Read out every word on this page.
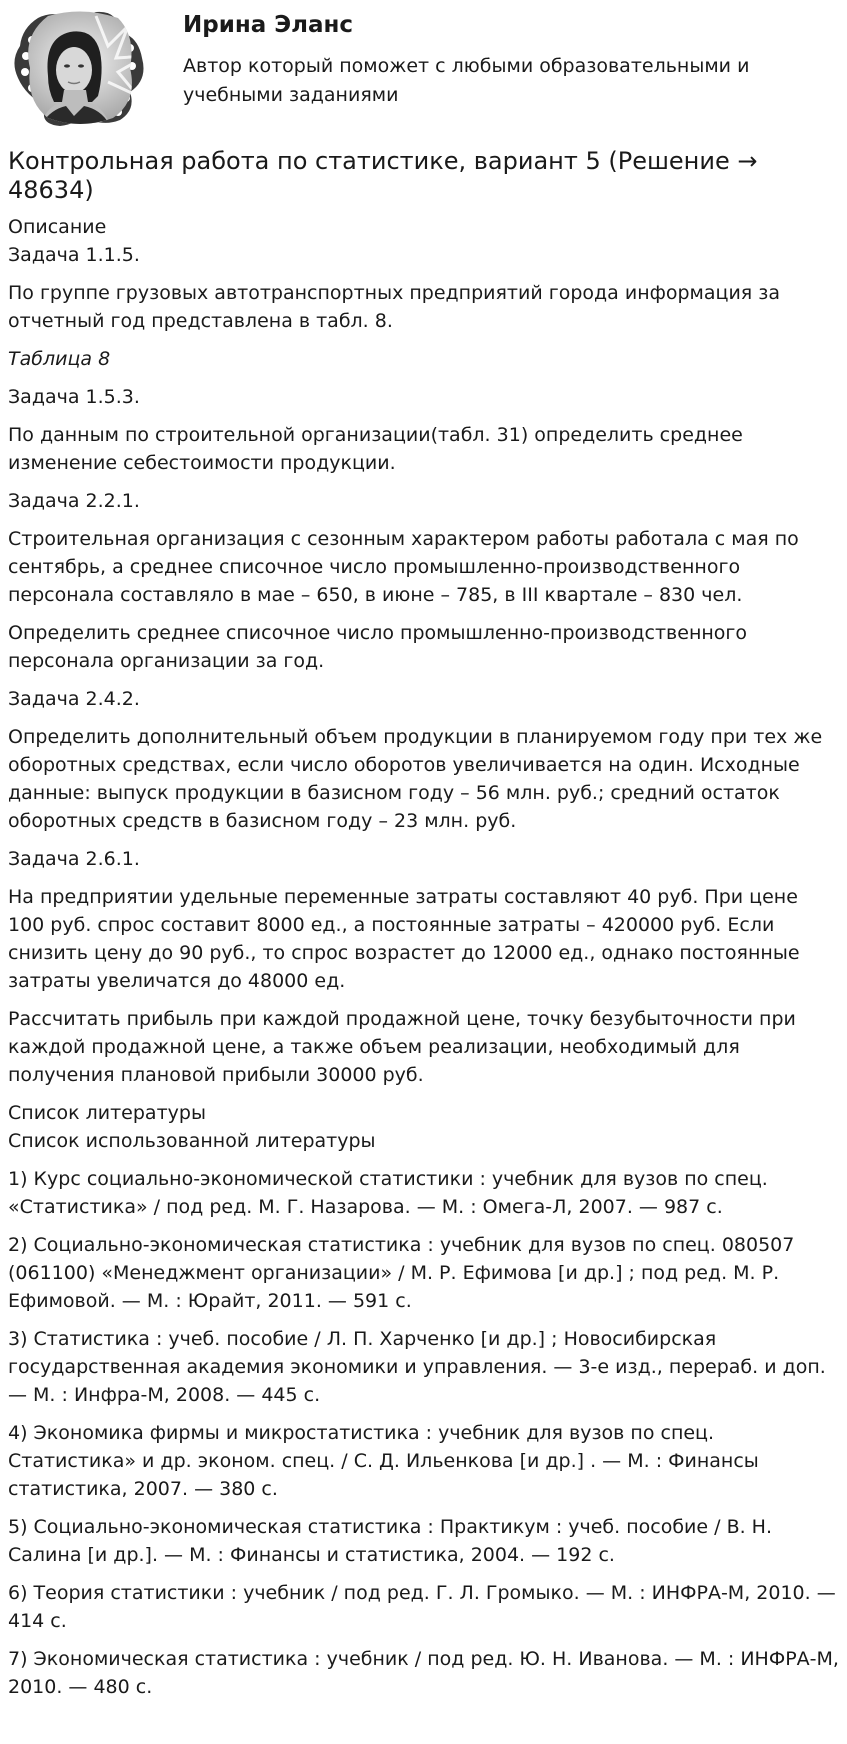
Ирина Эланс

Автор который поможет с любыми образовательными и учебными заданиями

Контрольная работа по статистике, вариант 5 (Решение → 48634)
Описание
Задача 1.1.5.

По группе грузовых автотранспортных предприятий города информация за отчетный год представлена в табл. 8.

Таблица 8

Задача 1.5.3.

По данным по строительной организации(табл. 31) определить среднее изменение себестоимости продукции.

Задача 2.2.1.

Строительная организация с сезонным характером работы работала с мая по сентябрь, а среднее списочное число промышленно-производственного персонала составляло в мае – 650, в июне – 785, в III квартале – 830 чел.

Определить среднее списочное число промышленно-производственного персонала организации за год.

Задача 2.4.2.

Определить дополнительный объем продукции в планируемом году при тех же оборотных средствах, если число оборотов увеличивается на один. Исходные данные: выпуск продукции в базисном году – 56 млн. руб.; средний остаток оборотных средств в базисном году – 23 млн. руб.

Задача 2.6.1.

На предприятии удельные переменные затраты составляют 40 руб. При цене 100 руб. спрос составит 8000 ед., а постоянные затраты – 420000 руб. Если снизить цену до 90 руб., то спрос возрастет до 12000 ед., однако постоянные затраты увеличатся до 48000 ед.

Рассчитать прибыль при каждой продажной цене, точку безубыточности при каждой продажной цене, а также объем реализации, необходимый для получения плановой прибыли 30000 руб.

Список литературы
Список использованной литературы

1) Курс социально-экономической статистики : учебник для вузов по спец. «Статистика» / под ред. М. Г. Назарова. — М. : Омега-Л, 2007. — 987 с.

2) Социально-экономическая статистика : учебник для вузов по спец. 080507 (061100) «Менеджмент организации» / М. Р. Ефимова [и др.] ; под ред. М. Р. Ефимовой. — М. : Юрайт, 2011. — 591 с.

3) Статистика : учеб. пособие / Л. П. Харченко [и др.] ; Новосибирская государственная академия экономики и управления. — 3-е изд., перераб. и доп. — М. : Инфра-М, 2008. — 445 с.

4) Экономика фирмы и микростатистика : учебник для вузов по спец. Статистика» и др. эконом. спец. / С. Д. Ильенкова [и др.] . — М. : Финансы статистика, 2007. — 380 с.

5) Социально-экономическая статистика : Практикум : учеб. пособие / В. Н. Салина [и др.]. — М. : Финансы и статистика, 2004. — 192 с.

6) Теория статистики : учебник / под ред. Г. Л. Громыко. — М. : ИНФРА-М, 2010. — 414 с.

7) Экономическая статистика : учебник / под ред. Ю. Н. Иванова. — М. : ИНФРА-М, 2010. — 480 с.
